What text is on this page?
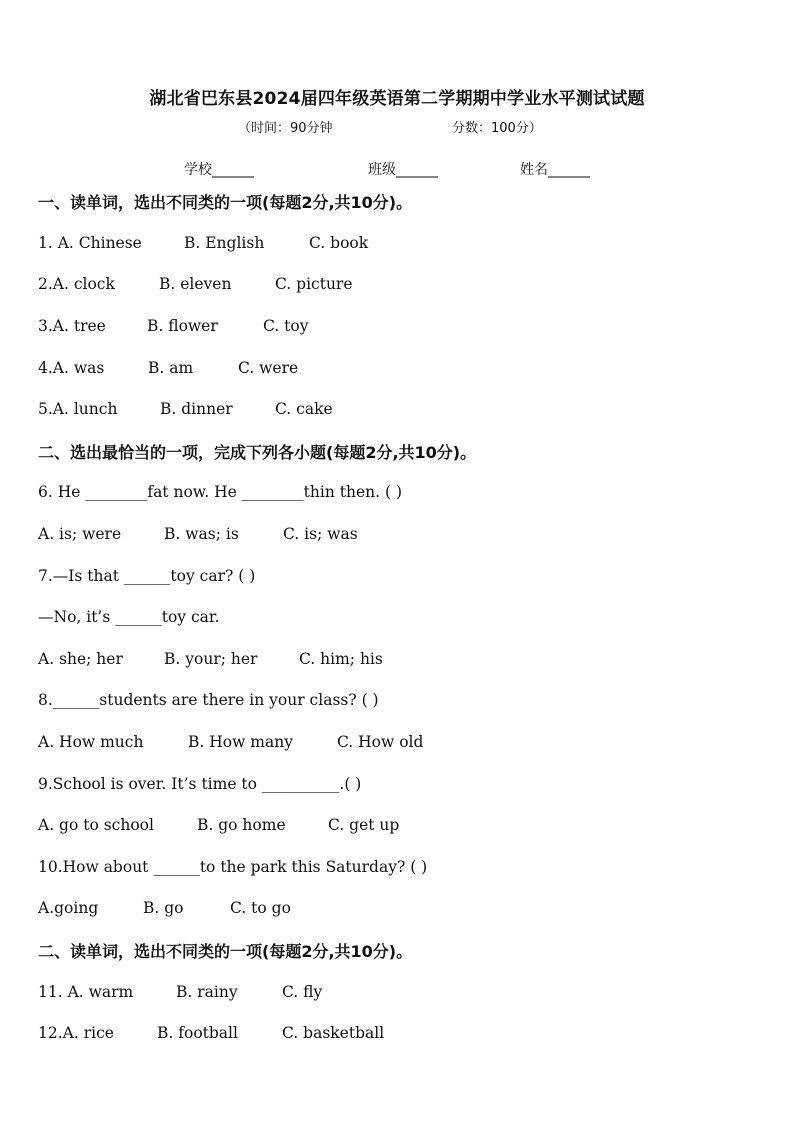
湖北省巴东县2024届四年级英语第二学期期中学业水平测试试题
（时间：90分钟	分数：100分）
学校______	班级______	姓名______
一、读单词，选出不同类的一项(每题2分,共10分)。
1. A. Chinese	B. English	C. book
2.A. clock	B. eleven	C. picture
3.A. tree	B. flower	C. toy
4.A. was	B. am	C. were
5.A. lunch	B. dinner	C. cake
二、选出最恰当的一项，完成下列各小题(每题2分,共10分)。
6. He ________fat now. He ________thin then. ( )
A. is; were	B. was; is	C. is; was
7.—Is that ______toy car? ( )
—No, it’s ______toy car.
A. she; her	B. your; her	C. him; his
8.______students are there in your class? ( )
A. How much	B. How many	C. How old
9.School is over. It’s time to __________.( )
A. go to school	B. go home	C. get up
10.How about ______to the park this Saturday? ( )
A.going	B. go	C. to go
二、读单词，选出不同类的一项(每题2分,共10分)。
11. A. warm	B. rainy	C. fly
12.A. rice	B. football	C. basketball
